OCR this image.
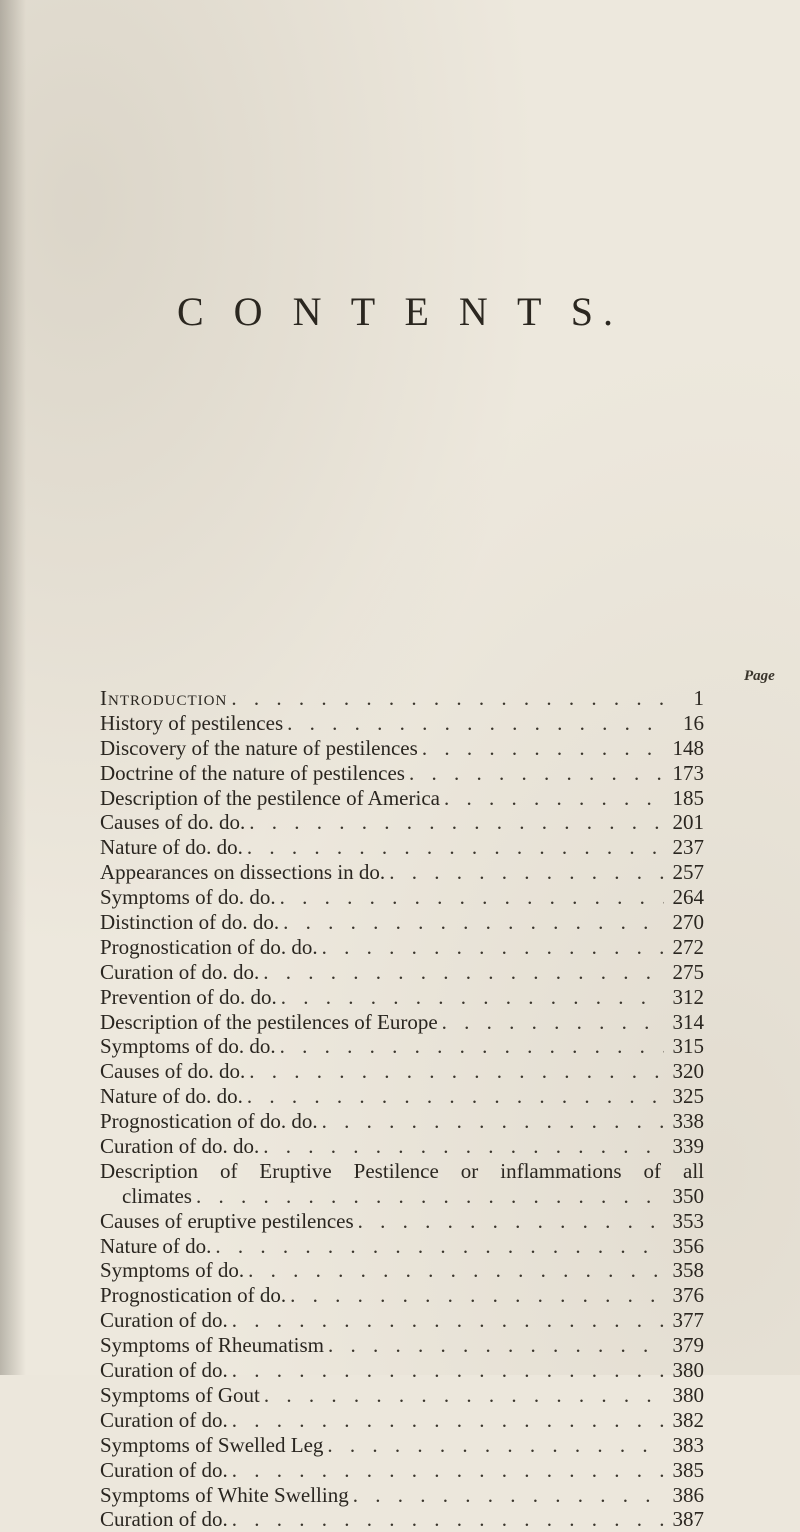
C O N T E N T S.
Page
Introduction . . .	1
History of pestilences . . .	16
Discovery of the nature of pestilences . . .	148
Doctrine of the nature of pestilences . . .	173
Description of the pestilence of America . . .	185
Causes of do. do. . . .	201
Nature of do. do. . . .	237
Appearances on dissections in do. . . .	257
Symptoms of do. do. . . .	264
Distinction of do. do. . . .	270
Prognostication of do. do. . . .	272
Curation of do. do. . . .	275
Prevention of do. do. . . .	312
Description of the pestilences of Europe . . .	314
Symptoms of do. do. . . .	315
Causes of do. do. . . .	320
Nature of do. do. . . .	325
Prognostication of do. do. . . .	338
Curation of do. do. . . .	339
Description of Eruptive Pestilence or inflammations of all
climates . . .	350
Causes of eruptive pestilences . . .	353
Nature of do. . . .	356
Symptoms of do. . . .	358
Prognostication of do. . . .	376
Curation of do. . . .	377
Symptoms of Rheumatism . . .	379
Curation of do. . . .	380
Symptoms of Gout . . .	380
Curation of do. . . .	382
Symptoms of Swelled Leg . . .	383
Curation of do. . . .	385
Symptoms of White Swelling . . .	386
Curation of do. . . .	387
